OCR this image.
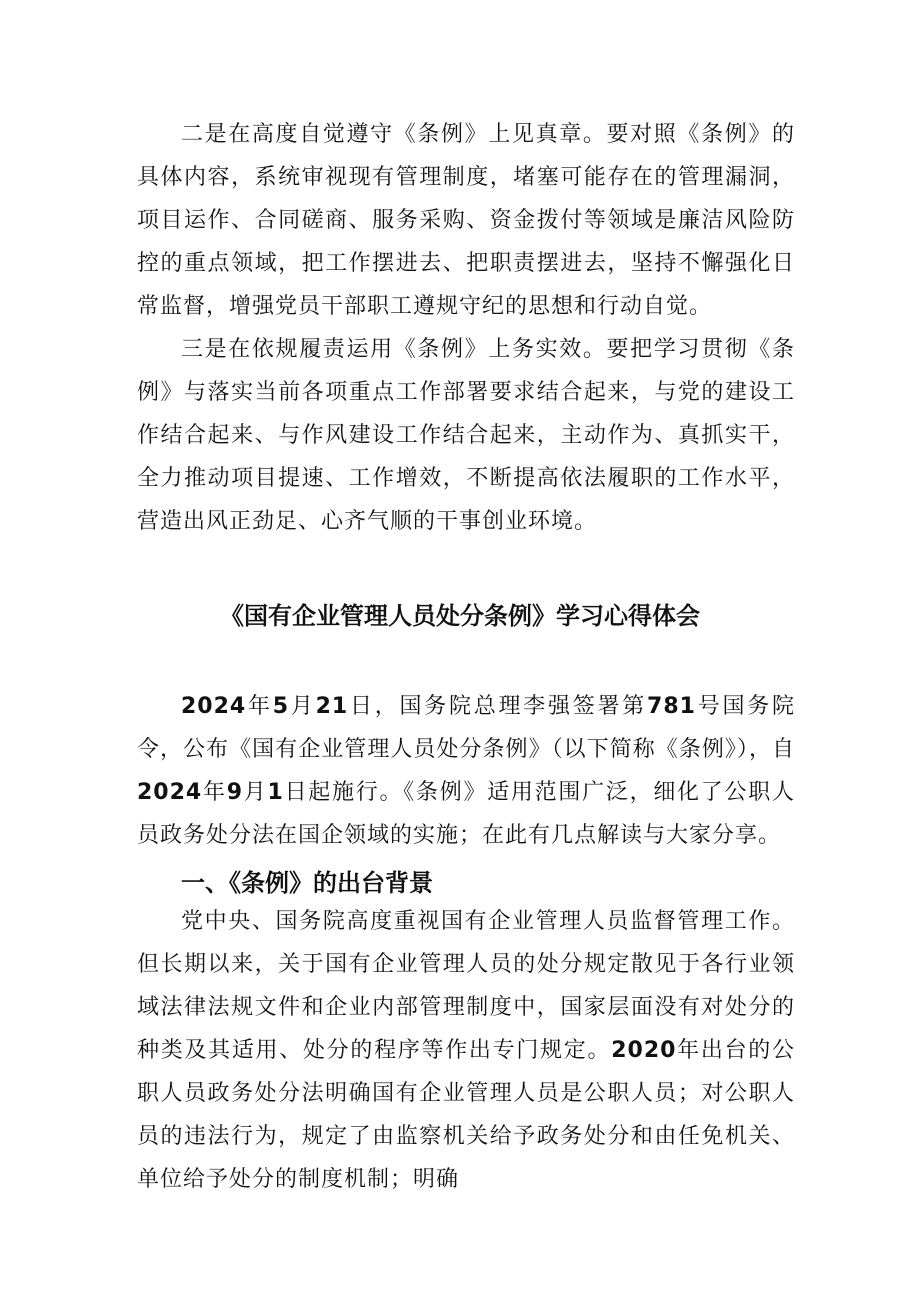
二是在高度自觉遵守《条例》上见真章。要对照《条例》的具体内容，系统审视现有管理制度，堵塞可能存在的管理漏洞，项目运作、合同磋商、服务采购、资金拨付等领域是廉洁风险防控的重点领域，把工作摆进去、把职责摆进去，坚持不懈强化日常监督，增强党员干部职工遵规守纪的思想和行动自觉。

三是在依规履责运用《条例》上务实效。要把学习贯彻《条例》与落实当前各项重点工作部署要求结合起来，与党的建设工作结合起来、与作风建设工作结合起来，主动作为、真抓实干，全力推动项目提速、工作增效，不断提高依法履职的工作水平，营造出风正劲足、心齐气顺的干事创业环境。

《国有企业管理人员处分条例》学习心得体会

2024年5月21日，国务院总理李强签署第781号国务院令，公布《国有企业管理人员处分条例》（以下简称《条例》），自2024年9月1日起施行。《条例》适用范围广泛，细化了公职人员政务处分法在国企领域的实施；在此有几点解读与大家分享。

一、《条例》的出台背景

党中央、国务院高度重视国有企业管理人员监督管理工作。但长期以来，关于国有企业管理人员的处分规定散见于各行业领域法律法规文件和企业内部管理制度中，国家层面没有对处分的种类及其适用、处分的程序等作出专门规定。2020年出台的公职人员政务处分法明确国有企业管理人员是公职人员；对公职人员的违法行为，规定了由监察机关给予政务处分和由任免机关、单位给予处分的制度机制；明确
